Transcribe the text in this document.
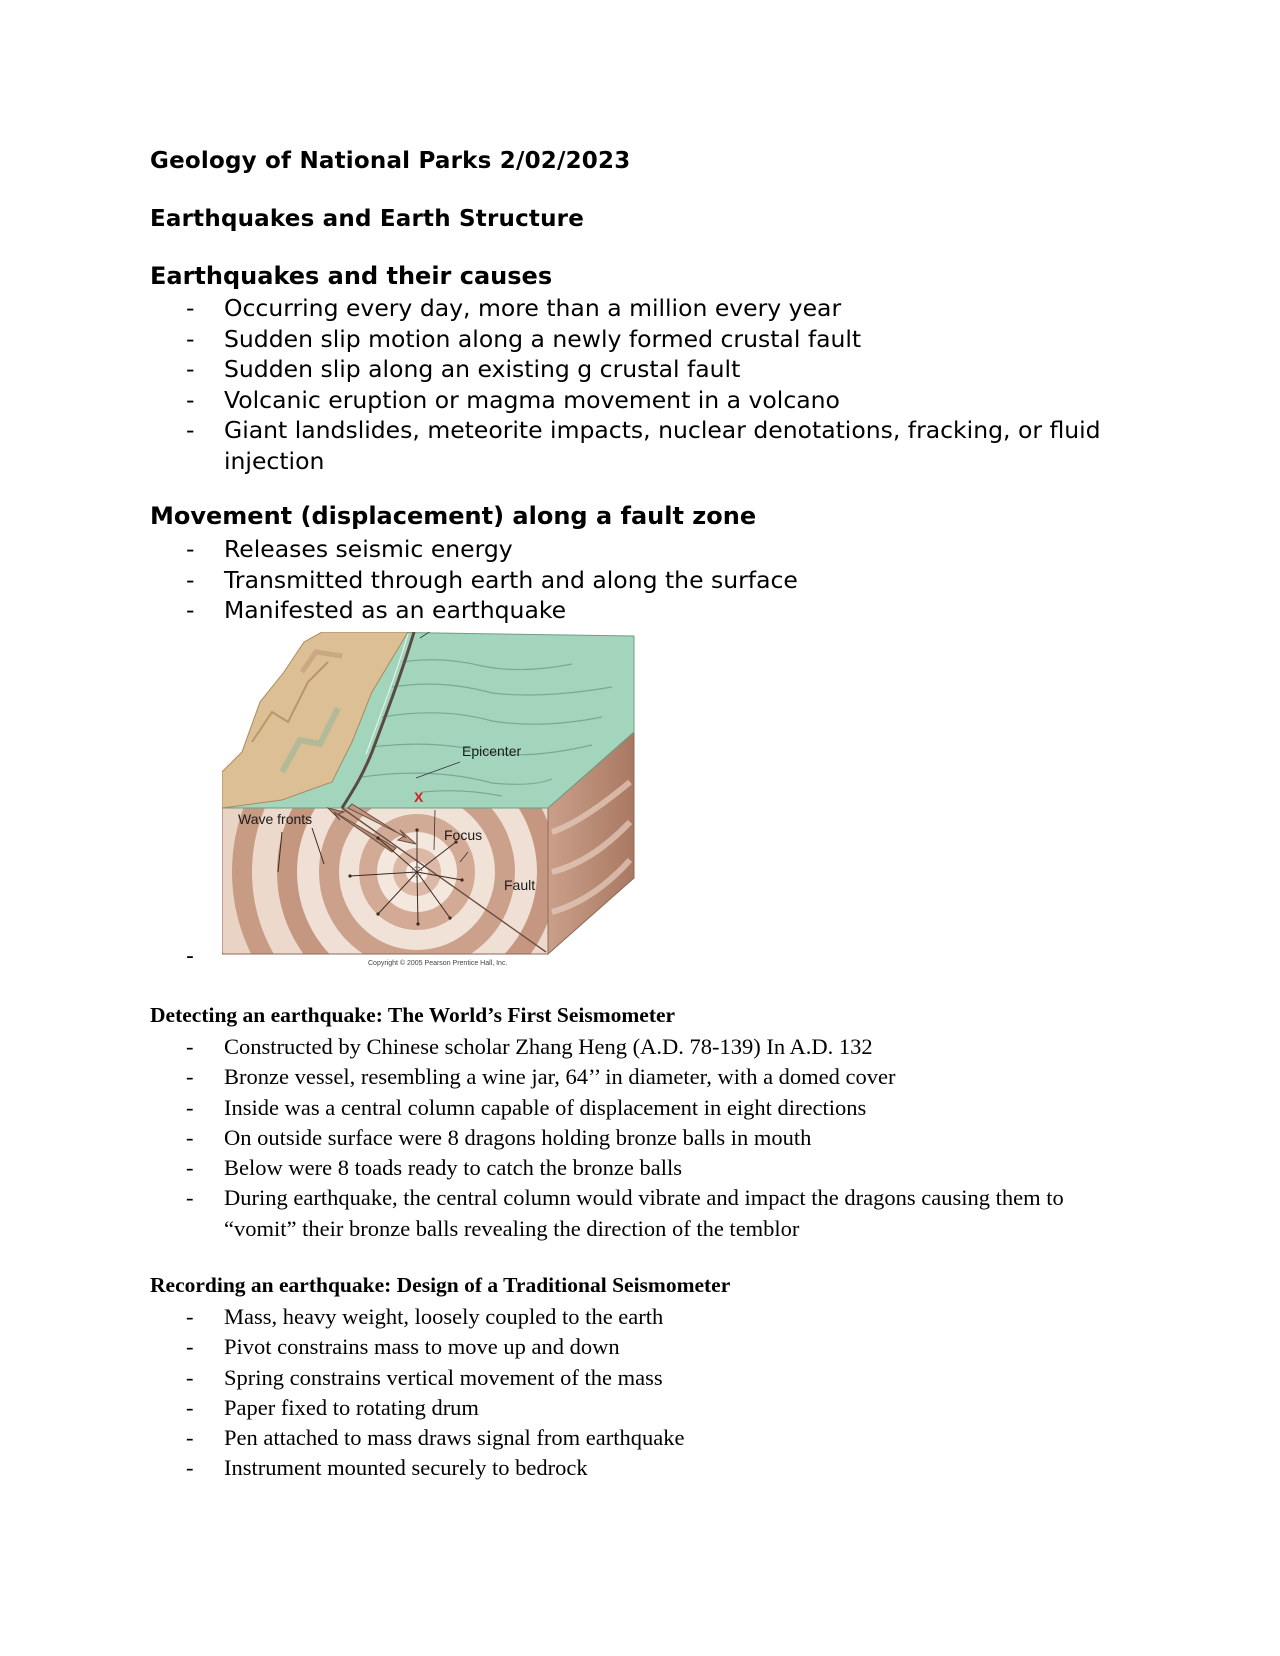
Geology of National Parks 2/02/2023
Earthquakes and Earth Structure
Earthquakes and their causes
- Occurring every day, more than a million every year
- Sudden slip motion along a newly formed crustal fault
- Sudden slip along an existing g crustal fault
- Volcanic eruption or magma movement in a volcano
- Giant landslides, meteorite impacts, nuclear denotations, fracking, or fluid injection
Movement (displacement) along a fault zone
- Releases seismic energy
- Transmitted through earth and along the surface
- Manifested as an earthquake
Epicenter
Wave fronts
Focus
Fault
X
Copyright © 2005 Pearson Prentice Hall, Inc.
-
Detecting an earthquake: The World’s First Seismometer
- Constructed by Chinese scholar Zhang Heng (A.D. 78-139) In A.D. 132
- Bronze vessel, resembling a wine jar, 64’’ in diameter, with a domed cover
- Inside was a central column capable of displacement in eight directions
- On outside surface were 8 dragons holding bronze balls in mouth
- Below were 8 toads ready to catch the bronze balls
- During earthquake, the central column would vibrate and impact the dragons causing them to “vomit” their bronze balls revealing the direction of the temblor
Recording an earthquake: Design of a Traditional Seismometer
- Mass, heavy weight, loosely coupled to the earth
- Pivot constrains mass to move up and down
- Spring constrains vertical movement of the mass
- Paper fixed to rotating drum
- Pen attached to mass draws signal from earthquake
- Instrument mounted securely to bedrock
